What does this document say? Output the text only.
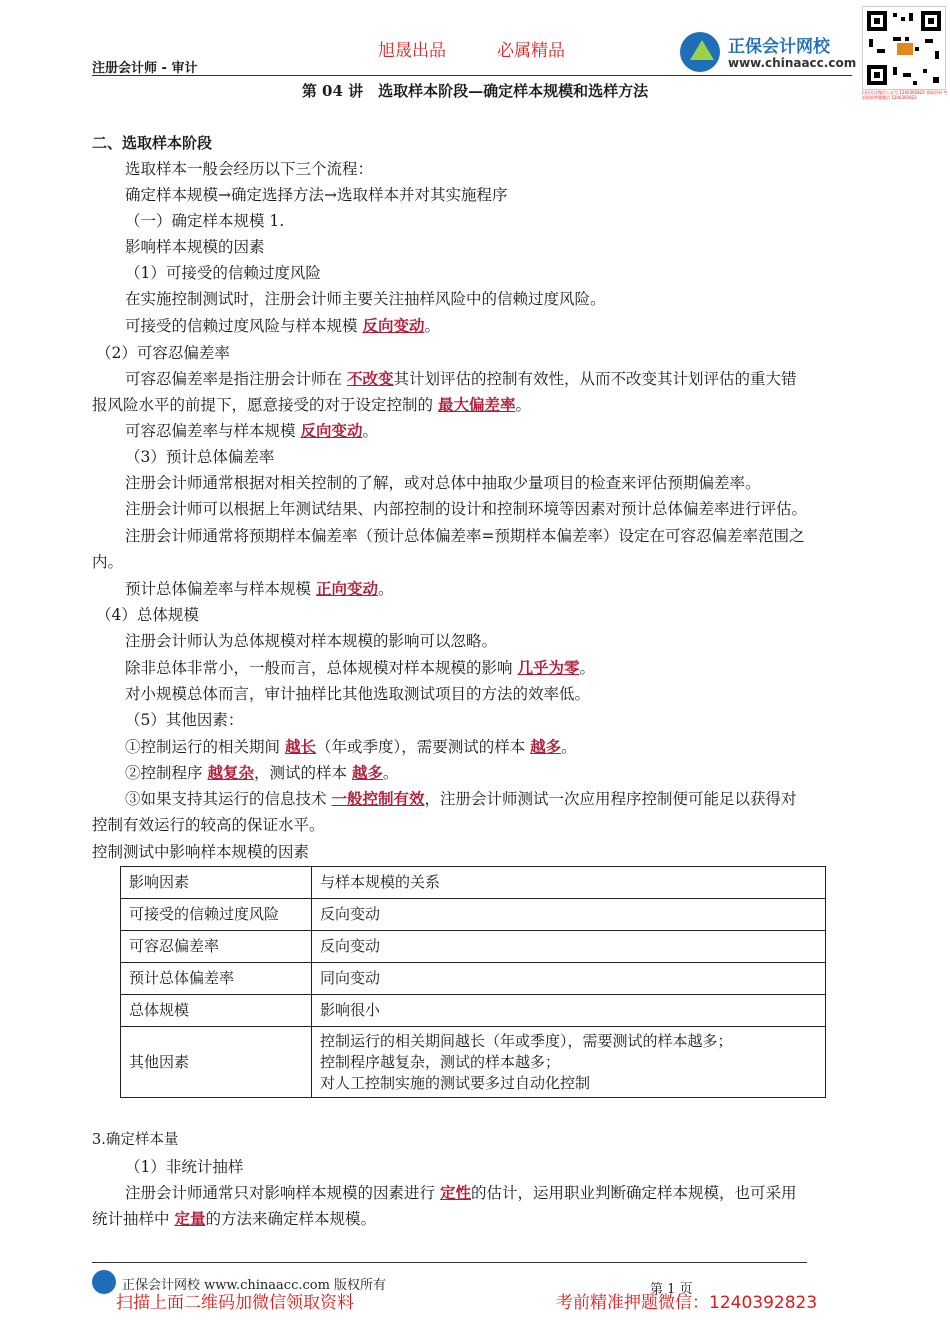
旭晟出品	必属精品
注册会计师 - 审计
正保会计网校
www.chinaacc.com
扫码关注微信公众号 1240392823 领取资料 考前精准押题微信 1240392823
第 04 讲　选取样本阶段—确定样本规模和选样方法
二、选取样本阶段
选取样本一般会经历以下三个流程：
确定样本规模→确定选择方法→选取样本并对其实施程序
（一）确定样本规模 1.
影响样本规模的因素
（1）可接受的信赖过度风险
在实施控制测试时，注册会计师主要关注抽样风险中的信赖过度风险。
可接受的信赖过度风险与样本规模 反向变动。
（2）可容忍偏差率
可容忍偏差率是指注册会计师在 不改变其计划评估的控制有效性，从而不改变其计划评估的重大错
报风险水平的前提下，愿意接受的对于设定控制的 最大偏差率。
可容忍偏差率与样本规模 反向变动。
（3）预计总体偏差率
注册会计师通常根据对相关控制的了解，或对总体中抽取少量项目的检查来评估预期偏差率。
注册会计师可以根据上年测试结果、内部控制的设计和控制环境等因素对预计总体偏差率进行评估。
注册会计师通常将预期样本偏差率（预计总体偏差率=预期样本偏差率）设定在可容忍偏差率范围之
内。
预计总体偏差率与样本规模 正向变动。
（4）总体规模
注册会计师认为总体规模对样本规模的影响可以忽略。
除非总体非常小，一般而言，总体规模对样本规模的影响 几乎为零。
对小规模总体而言，审计抽样比其他选取测试项目的方法的效率低。
（5）其他因素：
①控制运行的相关期间 越长（年或季度），需要测试的样本 越多。
②控制程序 越复杂，测试的样本 越多。
③如果支持其运行的信息技术 一般控制有效，注册会计师测试一次应用程序控制便可能足以获得对
控制有效运行的较高的保证水平。
控制测试中影响样本规模的因素
影响因素	与样本规模的关系
可接受的信赖过度风险	反向变动
可容忍偏差率	反向变动
预计总体偏差率	同向变动
总体规模	影响很小
其他因素	控制运行的相关期间越长（年或季度），需要测试的样本越多；
控制程序越复杂，测试的样本越多；
对人工控制实施的测试要多过自动化控制
3.确定样本量
（1）非统计抽样
注册会计师通常只对影响样本规模的因素进行 定性的估计，运用职业判断确定样本规模，也可采用
统计抽样中 定量的方法来确定样本规模。
正保会计网校 www.chinaacc.com 版权所有	第 1 页
扫描上面二维码加微信领取资料	考前精准押题微信：1240392823
